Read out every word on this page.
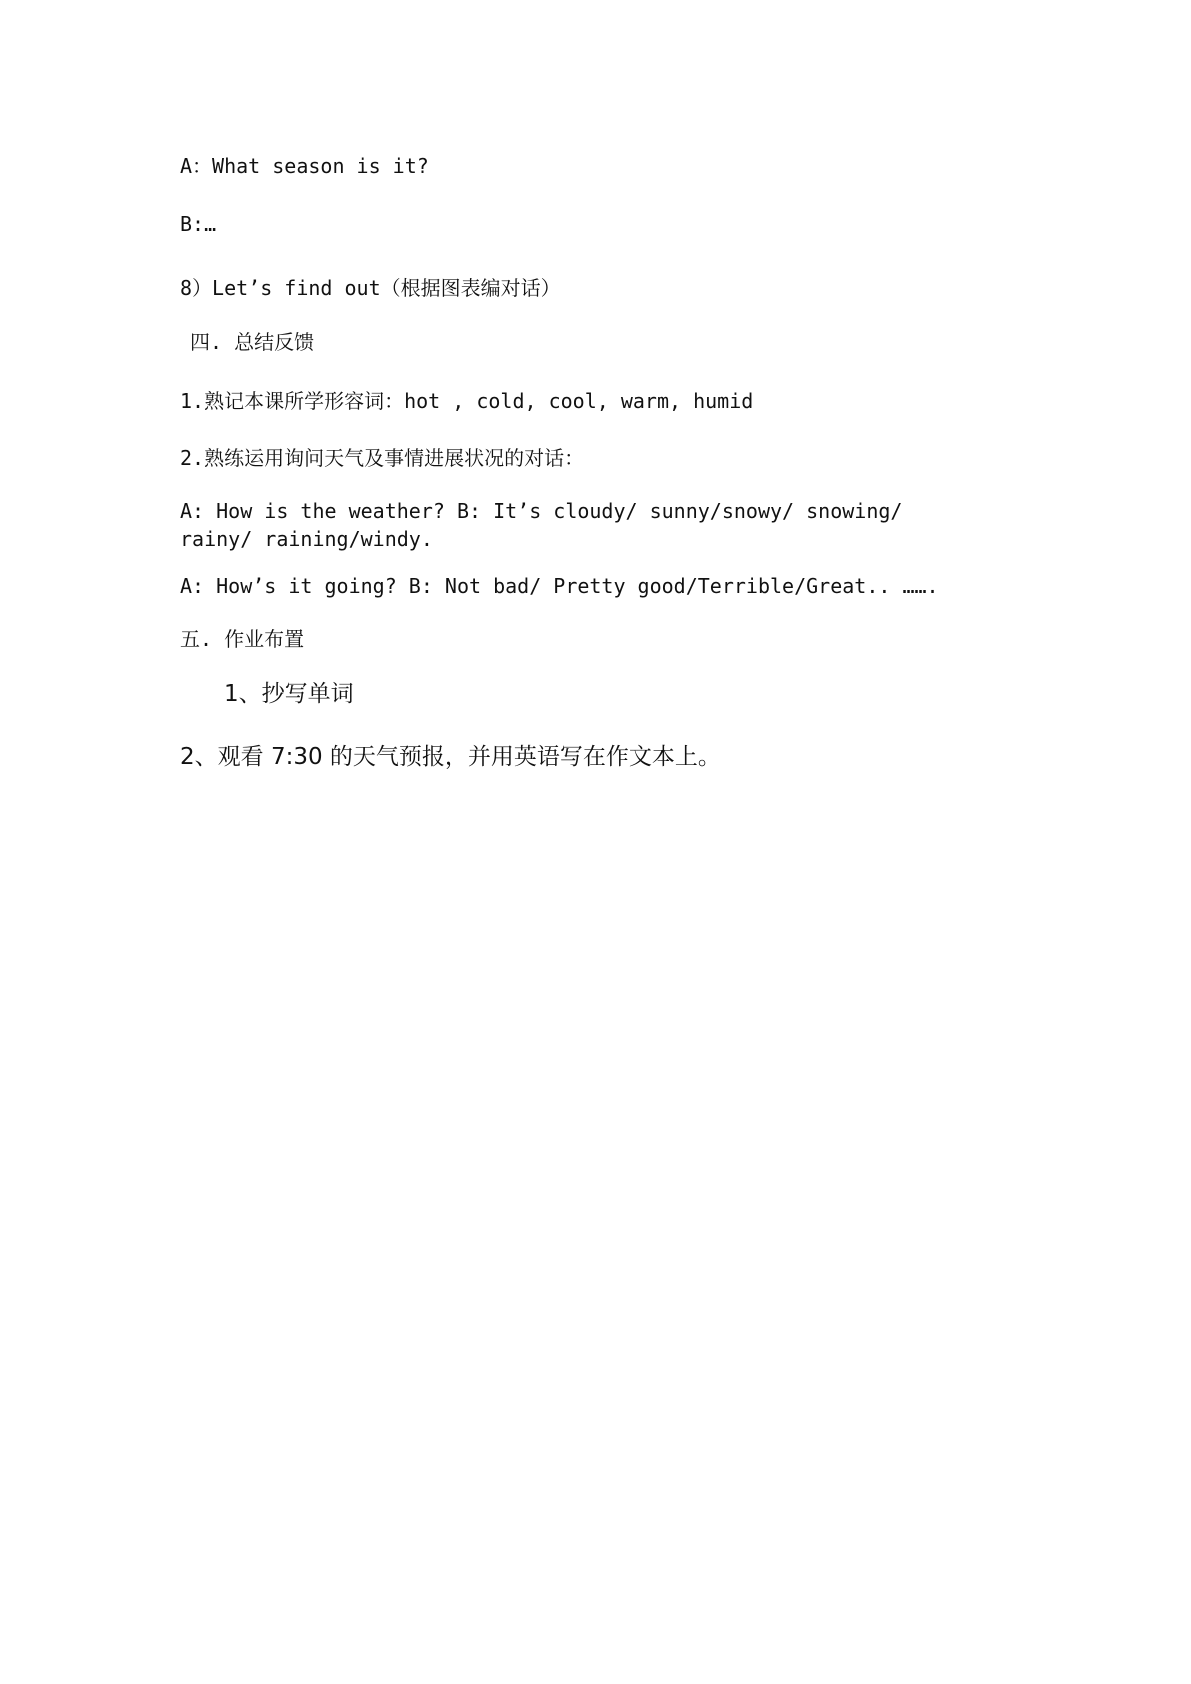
A：What season is it?
B:…
8）Let’s find out（根据图表编对话）
四. 总结反馈
1.熟记本课所学形容词：hot , cold, cool, warm, humid
2.熟练运用询问天气及事情进展状况的对话：
A: How is the weather? B: It’s cloudy/ sunny/snowy/ snowing/ rainy/ raining/windy.
A: How’s it going? B: Not bad/ Pretty good/Terrible/Great.. …….
五. 作业布置
1、抄写单词
2、观看 7:30 的天气预报，并用英语写在作文本上。
